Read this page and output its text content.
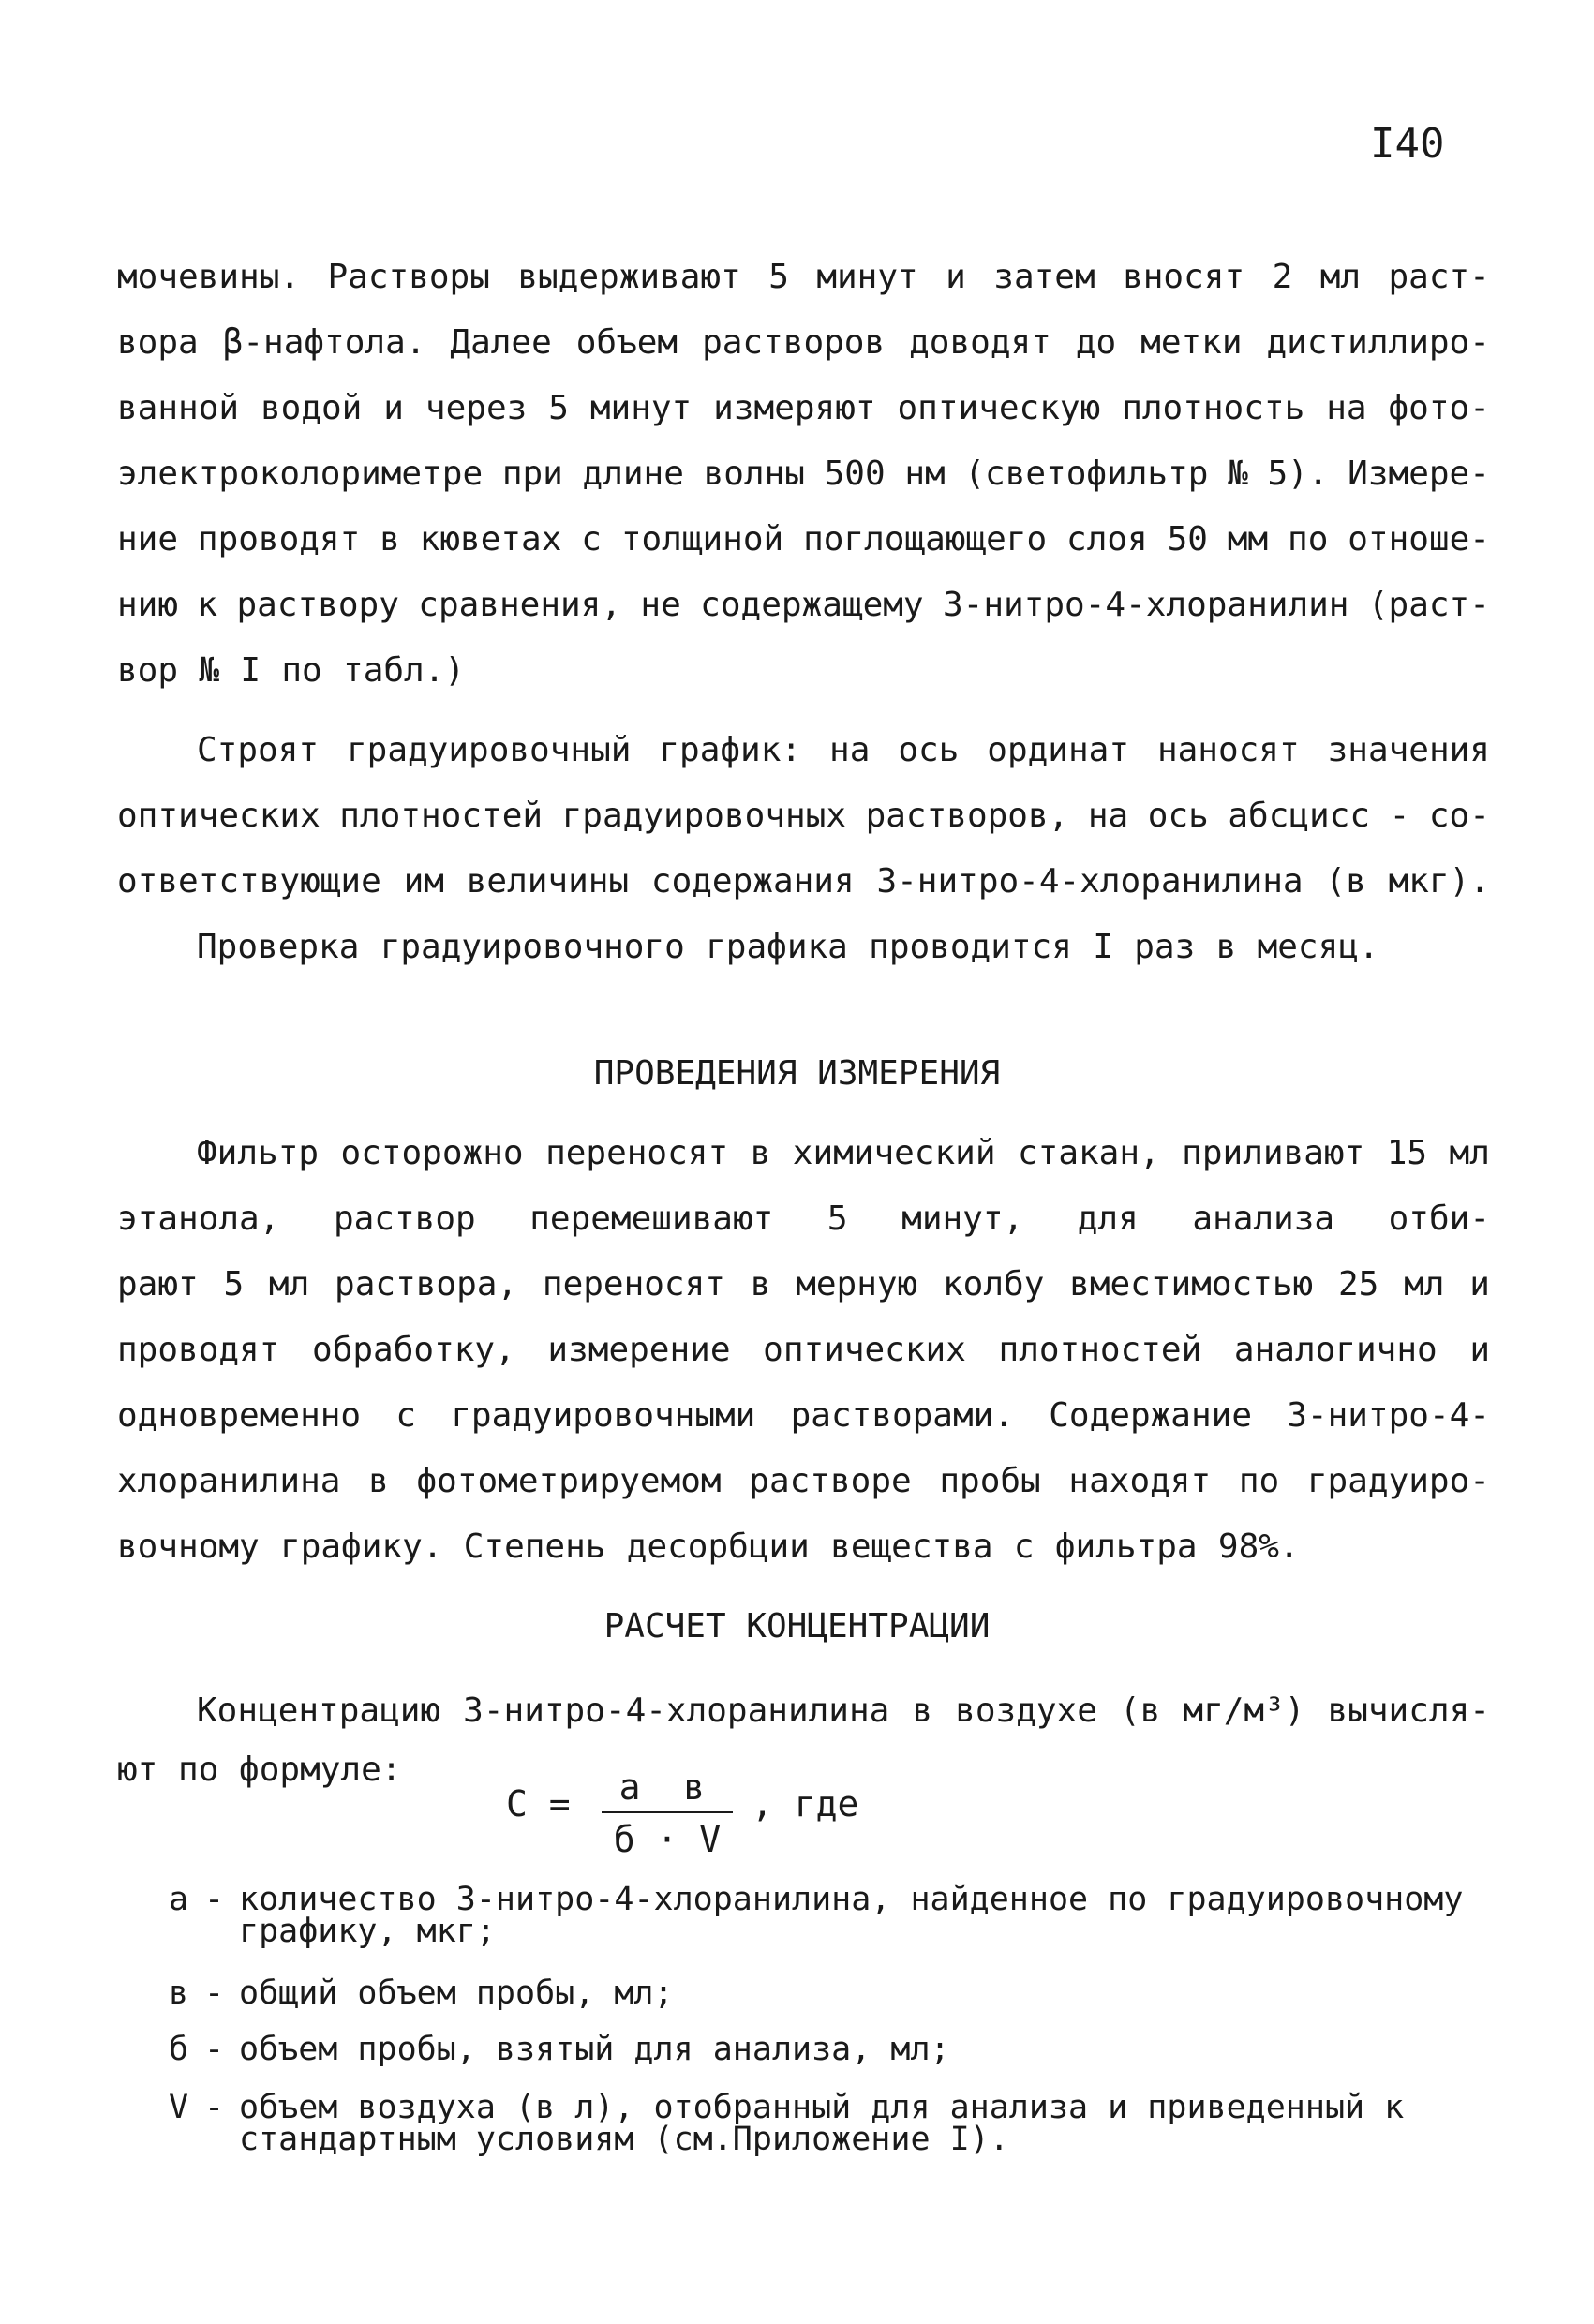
I40
мочевины. Растворы выдерживают 5 минут и затем вносят 2 мл раст-
вора β-нафтола. Далее объем растворов доводят до метки дистиллиро-
ванной водой и через 5 минут измеряют оптическую плотность на фото-
электроколориметре при длине волны 500 нм (светофильтр № 5). Измере-
ние проводят в кюветах с толщиной поглощающего слоя 50 мм по отноше-
нию к раствору сравнения, не содержащему 3-нитро-4-хлоранилин (раст-
вор № I по табл.)
Строят градуировочный график: на ось ординат наносят значения
оптических плотностей градуировочных растворов, на ось абсцисс - со-
ответствующие им величины содержания 3-нитро-4-хлоранилина (в мкг).
Проверка градуировочного графика проводится I раз в месяц.
ПРОВЕДЕНИЯ ИЗМЕРЕНИЯ
Фильтр осторожно переносят в химический стакан, приливают 15 мл
этанола, раствор перемешивают 5 минут, для анализа отби-
рают 5 мл раствора, переносят в мерную колбу вместимостью 25 мл и
проводят обработку, измерение оптических плотностей аналогично и
одновременно с градуировочными растворами. Содержание 3-нитро-4-
хлоранилина в фотометрируемом растворе пробы находят по градуиро-
вочному графику. Степень десорбции вещества с фильтра 98%.
РАСЧЕТ КОНЦЕНТРАЦИИ
Концентрацию 3-нитро-4-хлоранилина в воздухе (в мг/м³) вычисля-
ют по формуле:
С =	а в
б · V
, где
а - количество 3-нитро-4-хлоранилина, найденное по градуировочному графику, мкг;
в - общий объем пробы, мл;
б - объем пробы, взятый для анализа, мл;
V - объем воздуха (в л), отобранный для анализа и приведенный к стандартным условиям (см.Приложение I).
